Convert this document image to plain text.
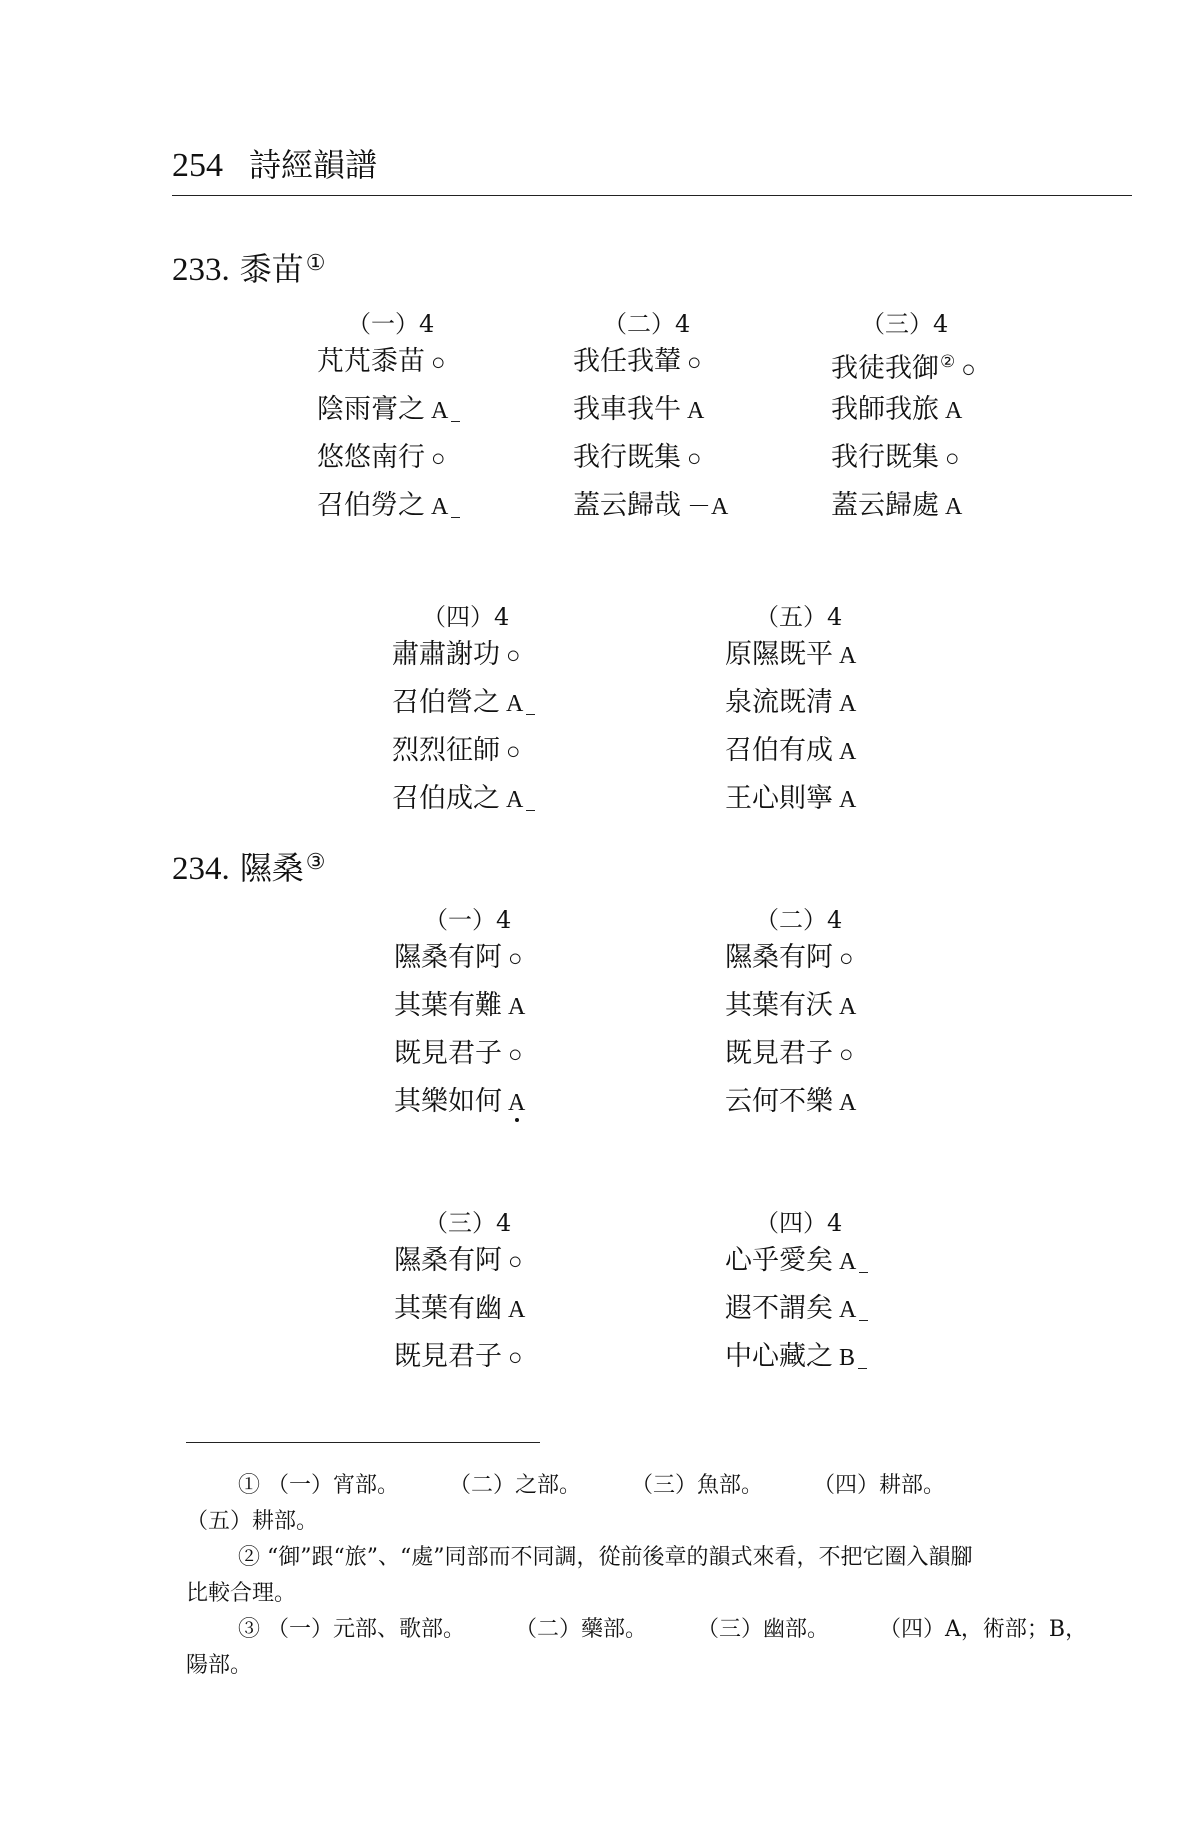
254 詩經韻譜
233. 黍苗①
（一）4
芃芃黍苗 ○
陰雨膏之 A
悠悠南行 ○
召伯勞之 A
（二）4
我任我輦 ○
我車我牛 A
我行既集 ○
蓋云歸哉 －A
（三）4
我徒我御② ○
我師我旅 A
我行既集 ○
蓋云歸處 A
（四）4
肅肅謝功 ○
召伯營之 A
烈烈征師 ○
召伯成之 A
（五）4
原隰既平 A
泉流既清 A
召伯有成 A
王心則寧 A
234. 隰桑③
（一）4
隰桑有阿 ○
其葉有難 A
既見君子 ○
其樂如何 A
（二）4
隰桑有阿 ○
其葉有沃 A
既見君子 ○
云何不樂 A
（三）4
隰桑有阿 ○
其葉有幽 A
既見君子 ○
（四）4
心乎愛矣 A
遐不謂矣 A
中心藏之 B
① （一）宵部。 （二）之部。 （三）魚部。 （四）耕部。
（五）耕部。
② “御”跟“旅”、“處”同部而不同調，從前後章的韻式來看，不把它圈入韻腳
比較合理。
③ （一）元部、歌部。 （二）藥部。 （三）幽部。 （四）A，術部；B，
陽部。
